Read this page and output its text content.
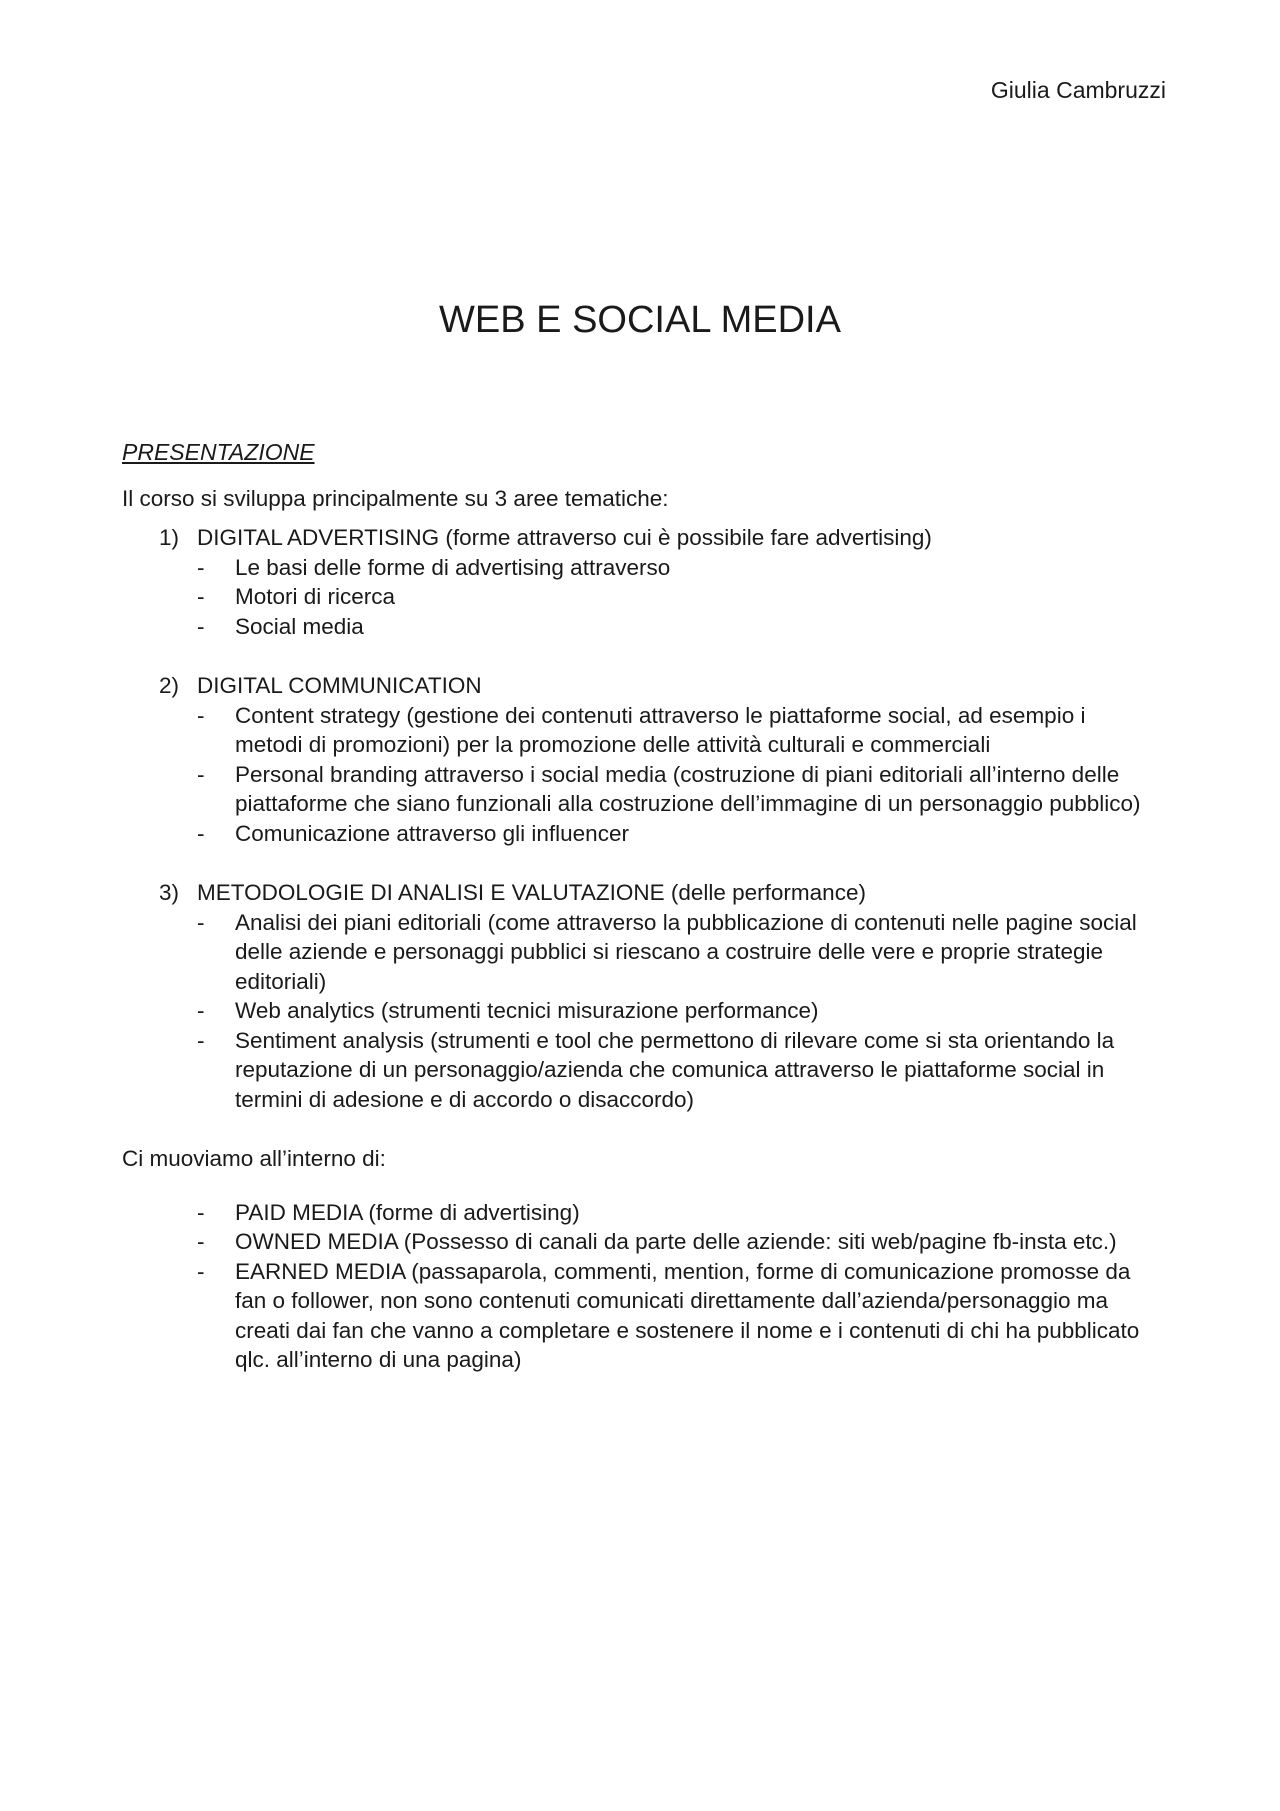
Giulia Cambruzzi
WEB E SOCIAL MEDIA
PRESENTAZIONE
Il corso si sviluppa principalmente su 3 aree tematiche:
1) DIGITAL ADVERTISING (forme attraverso cui è possibile fare advertising)
-	Le basi delle forme di advertising attraverso
-	Motori di ricerca
-	Social media
2) DIGITAL COMMUNICATION
-	Content strategy (gestione dei contenuti attraverso le piattaforme social, ad esempio i metodi di promozioni) per la promozione delle attività culturali e commerciali
-	Personal branding attraverso i social media (costruzione di piani editoriali all’interno delle piattaforme che siano funzionali alla costruzione dell’immagine di un personaggio pubblico)
-	Comunicazione attraverso gli influencer
3) METODOLOGIE DI ANALISI E VALUTAZIONE (delle performance)
-	Analisi dei piani editoriali (come attraverso la pubblicazione di contenuti nelle pagine social delle aziende e personaggi pubblici si riescano a costruire delle vere e proprie strategie editoriali)
-	Web analytics (strumenti tecnici misurazione performance)
-	Sentiment analysis (strumenti e tool che permettono di rilevare come si sta orientando la reputazione di un personaggio/azienda che comunica attraverso le piattaforme social in termini di adesione e di accordo o disaccordo)
Ci muoviamo all’interno di:
-	PAID MEDIA (forme di advertising)
-	OWNED MEDIA (Possesso di canali da parte delle aziende: siti web/pagine fb-insta etc.)
-	EARNED MEDIA (passaparola, commenti, mention, forme di comunicazione promosse da fan o follower, non sono contenuti comunicati direttamente dall’azienda/personaggio ma creati dai fan che vanno a completare e sostenere il nome e i contenuti di chi ha pubblicato qlc. all’interno di una pagina)
